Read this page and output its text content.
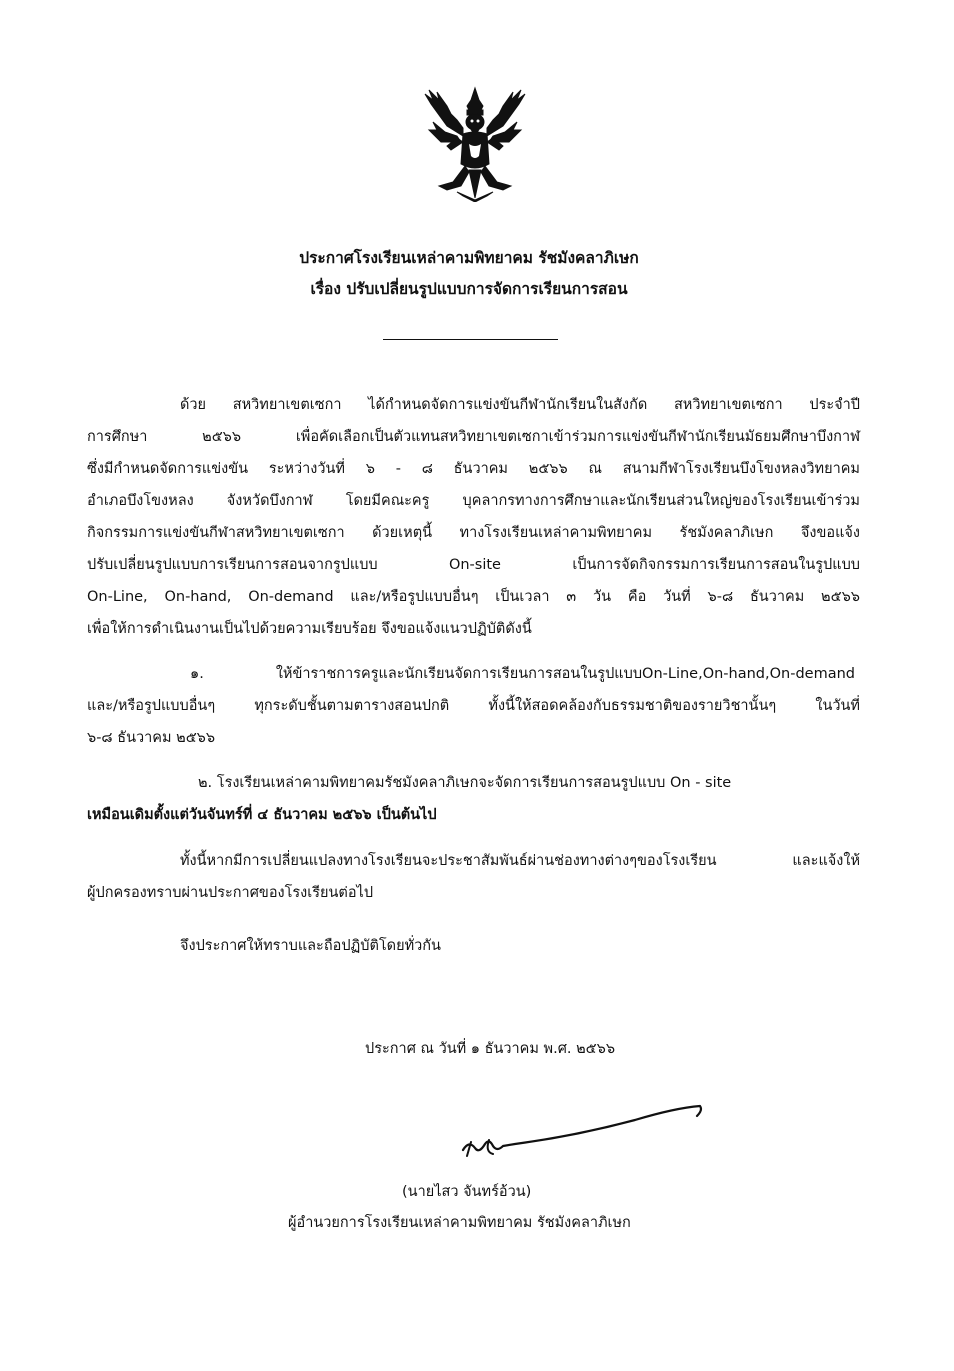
ประกาศโรงเรียนเหล่าคามพิทยาคม รัชมังคลาภิเษก
เรื่อง ปรับเปลี่ยนรูปแบบการจัดการเรียนการสอน
ด้วย สหวิทยาเขตเซกา ได้กำหนดจัดการแข่งขันกีฬานักเรียนในสังกัด สหวิทยาเขตเซกา ประจำปี
การศึกษา ๒๕๖๖ เพื่อคัดเลือกเป็นตัวแทนสหวิทยาเขตเซกาเข้าร่วมการแข่งขันกีฬานักเรียนมัธยมศึกษาบึงกาฬ
ซึ่งมีกำหนดจัดการแข่งขัน ระหว่างวันที่ ๖ - ๘ ธันวาคม ๒๕๖๖ ณ สนามกีฬาโรงเรียนบึงโขงหลงวิทยาคม
อำเภอบึงโขงหลง จังหวัดบึงกาฬ โดยมีคณะครู บุคลากรทางการศึกษาและนักเรียนส่วนใหญ่ของโรงเรียนเข้าร่วม
กิจกรรมการแข่งขันกีฬาสหวิทยาเขตเซกา ด้วยเหตุนี้ ทางโรงเรียนเหล่าคามพิทยาคม รัชมังคลาภิเษก จึงขอแจ้ง
ปรับเปลี่ยนรูปแบบการเรียนการสอนจากรูปแบบ On-site เป็นการจัดกิจกรรมการเรียนการสอนในรูปแบบ
On-Line, On-hand, On-demand และ/หรือรูปแบบอื่นๆ เป็นเวลา ๓ วัน คือ วันที่ ๖-๘ ธันวาคม ๒๕๖๖
เพื่อให้การดำเนินงานเป็นไปด้วยความเรียบร้อย จึงขอแจ้งแนวปฏิบัติดังนี้
๑. ให้ข้าราชการครูและนักเรียนจัดการเรียนการสอนในรูปแบบOn-Line,On-hand,On-demand
และ/หรือรูปแบบอื่นๆ ทุกระดับชั้นตามตารางสอนปกติ ทั้งนี้ให้สอดคล้องกับธรรมชาติของรายวิชานั้นๆ ในวันที่
๖-๘ ธันวาคม ๒๕๖๖
๒. โรงเรียนเหล่าคามพิทยาคมรัชมังคลาภิเษกจะจัดการเรียนการสอนรูปแบบ On - site
เหมือนเดิมตั้งแต่วันจันทร์ที่ ๔ ธันวาคม ๒๕๖๖ เป็นต้นไป
ทั้งนี้หากมีการเปลี่ยนแปลงทางโรงเรียนจะประชาสัมพันธ์ผ่านช่องทางต่างๆของโรงเรียน และแจ้งให้
ผู้ปกครองทราบผ่านประกาศของโรงเรียนต่อไป
จึงประกาศให้ทราบและถือปฏิบัติโดยทั่วกัน
ประกาศ ณ วันที่ ๑ ธันวาคม พ.ศ. ๒๕๖๖
(นายไสว จันทร์อ้วน)
ผู้อำนวยการโรงเรียนเหล่าคามพิทยาคม รัชมังคลาภิเษก
